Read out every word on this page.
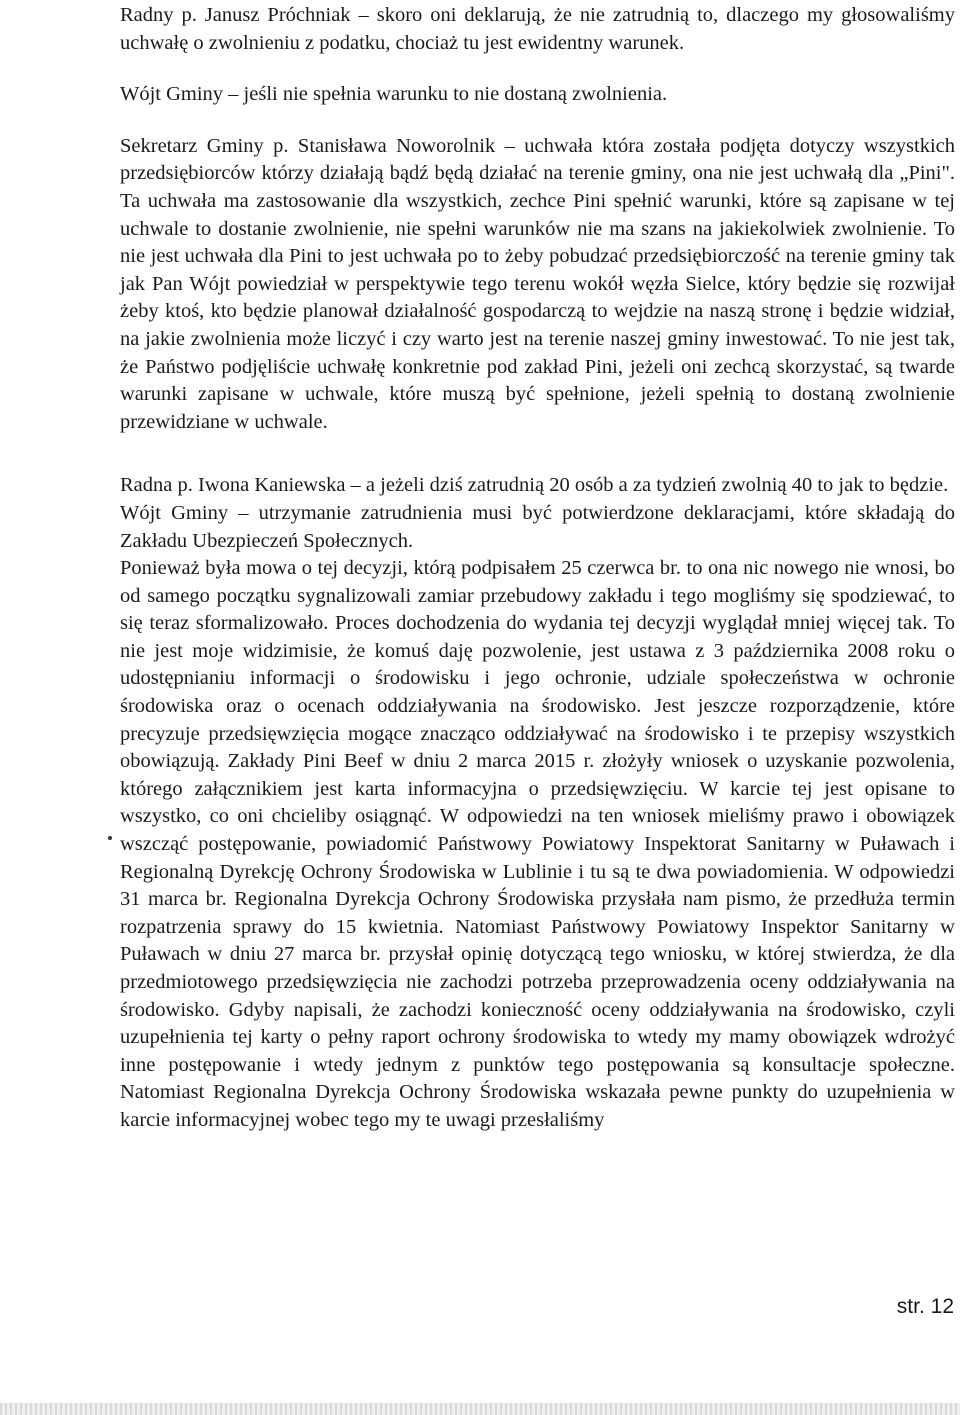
Radny p. Janusz Próchniak – skoro oni deklarują, że nie zatrudnią to, dlaczego my głosowaliśmy uchwałę o zwolnieniu z podatku, chociaż tu jest ewidentny warunek.

Wójt Gminy – jeśli nie spełnia warunku to nie dostaną zwolnienia.

Sekretarz Gminy p. Stanisława Noworolnik – uchwała która została podjęta dotyczy wszystkich przedsiębiorców którzy działają bądź będą działać na terenie gminy, ona nie jest uchwałą dla „Pini". Ta uchwała ma zastosowanie dla wszystkich, zechce Pini spełnić warunki, które są zapisane w tej uchwale to dostanie zwolnienie, nie spełni warunków nie ma szans na jakiekolwiek zwolnienie. To nie jest uchwała dla Pini to jest uchwała po to żeby pobudzać przedsiębiorczość na terenie gminy tak jak Pan Wójt powiedział w perspektywie tego terenu wokół węzła Sielce, który będzie się rozwijał żeby ktoś, kto będzie planował działalność gospodarczą to wejdzie na naszą stronę i będzie widział, na jakie zwolnienia może liczyć i czy warto jest na terenie naszej gminy inwestować. To nie jest tak, że Państwo podjęliście uchwałę konkretnie pod zakład Pini, jeżeli oni zechcą skorzystać, są twarde warunki zapisane w uchwale, które muszą być spełnione, jeżeli spełnią to dostaną zwolnienie przewidziane w uchwale.

Radna p. Iwona Kaniewska – a jeżeli dziś zatrudnią 20 osób a za tydzień zwolnią 40 to jak to będzie.

Wójt Gminy – utrzymanie zatrudnienia musi być potwierdzone deklaracjami, które składają do Zakładu Ubezpieczeń Społecznych.

Ponieważ była mowa o tej decyzji, którą podpisałem 25 czerwca br. to ona nic nowego nie wnosi, bo od samego początku sygnalizowali zamiar przebudowy zakładu i tego mogliśmy się spodziewać, to się teraz sformalizowało. Proces dochodzenia do wydania tej decyzji wyglądał mniej więcej tak. To nie jest moje widzimisie, że komuś daję pozwolenie, jest ustawa z 3 października 2008 roku o udostępnianiu informacji o środowisku i jego ochronie, udziale społeczeństwa w ochronie środowiska oraz o ocenach oddziaływania na środowisko. Jest jeszcze rozporządzenie, które precyzuje przedsięwzięcia mogące znacząco oddziaływać na środowisko i te przepisy wszystkich obowiązują. Zakłady Pini Beef w dniu 2 marca 2015 r. złożyły wniosek o uzyskanie pozwolenia, którego załącznikiem jest karta informacyjna o przedsięwzięciu. W karcie tej jest opisane to wszystko, co oni chcieliby osiągnąć. W odpowiedzi na ten wniosek mieliśmy prawo i obowiązek wszcząć postępowanie, powiadomić Państwowy Powiatowy Inspektorat Sanitarny w Puławach i Regionalną Dyrekcję Ochrony Środowiska w Lublinie i tu są te dwa powiadomienia. W odpowiedzi 31 marca br. Regionalna Dyrekcja Ochrony Środowiska przysłała nam pismo, że przedłuża termin rozpatrzenia sprawy do 15 kwietnia. Natomiast Państwowy Powiatowy Inspektor Sanitarny w Puławach w dniu 27 marca br. przysłał opinię dotyczącą tego wniosku, w której stwierdza, że dla przedmiotowego przedsięwzięcia nie zachodzi potrzeba przeprowadzenia oceny oddziaływania na środowisko. Gdyby napisali, że zachodzi konieczność oceny oddziaływania na środowisko, czyli uzupełnienia tej karty o pełny raport ochrony środowiska to wtedy my mamy obowiązek wdrożyć inne postępowanie i wtedy jednym z punktów tego postępowania są konsultacje społeczne. Natomiast Regionalna Dyrekcja Ochrony Środowiska wskazała pewne punkty do uzupełnienia w karcie informacyjnej wobec tego my te uwagi przesłaliśmy

str. 12
